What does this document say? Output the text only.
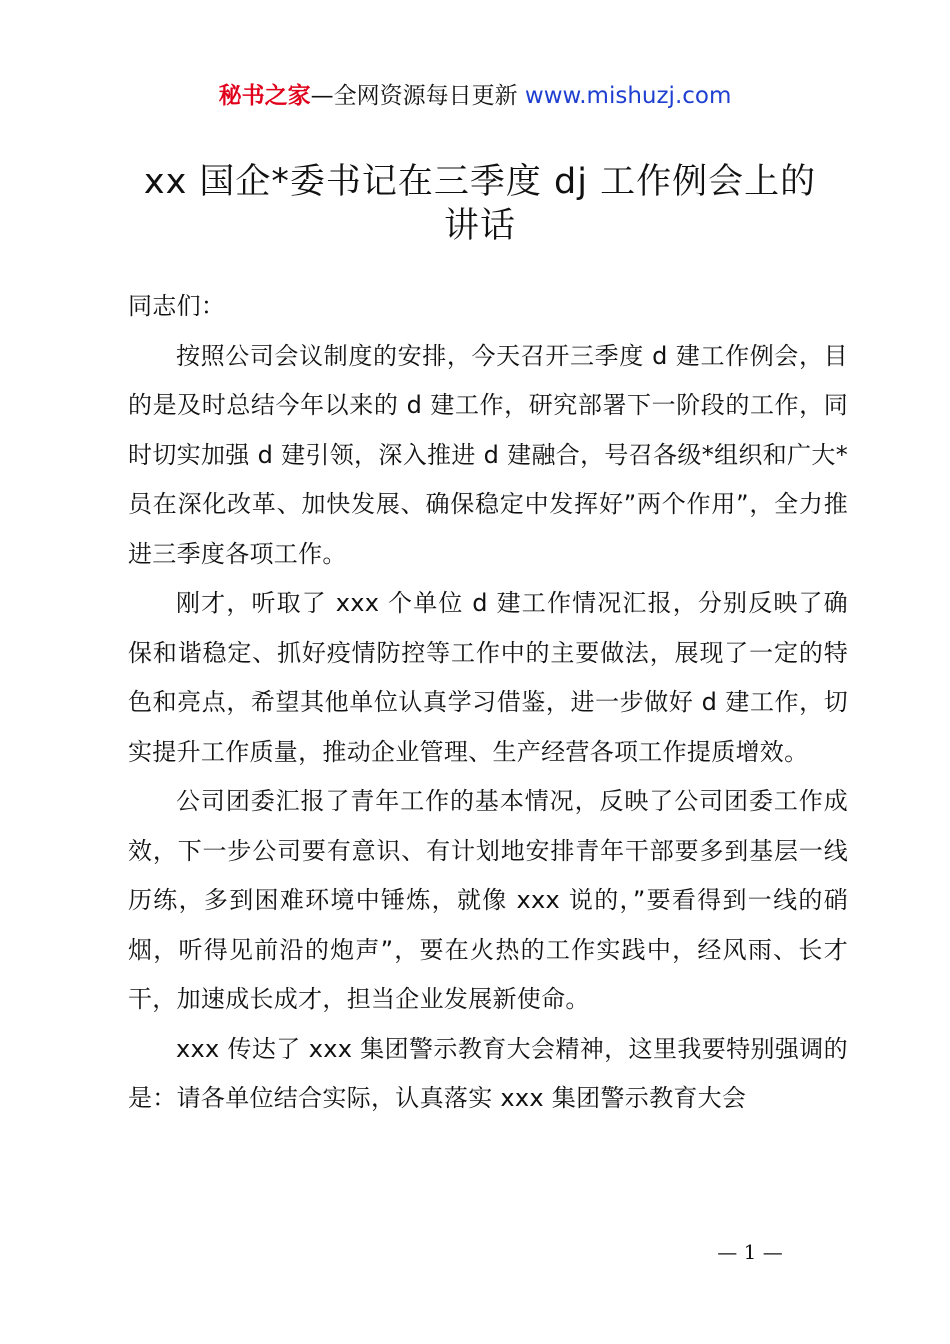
秘书之家—全网资源每日更新 www.mishuzj.com
xx 国企*委书记在三季度 dj 工作例会上的
讲话

同志们：

按照公司会议制度的安排，今天召开三季度 d 建工作例会，目的是及时总结今年以来的 d 建工作，研究部署下一阶段的工作，同时切实加强 d 建引领，深入推进 d 建融合，号召各级*组织和广大*员在深化改革、加快发展、确保稳定中发挥好”两个作用”，全力推进三季度各项工作。

刚才，听取了 xxx 个单位 d 建工作情况汇报，分别反映了确保和谐稳定、抓好疫情防控等工作中的主要做法，展现了一定的特色和亮点，希望其他单位认真学习借鉴，进一步做好 d 建工作，切实提升工作质量，推动企业管理、生产经营各项工作提质增效。

公司团委汇报了青年工作的基本情况，反映了公司团委工作成效，下一步公司要有意识、有计划地安排青年干部要多到基层一线历练，多到困难环境中锤炼，就像 xxx 说的，”要看得到一线的硝烟，听得见前沿的炮声”，要在火热的工作实践中，经风雨、长才干，加速成长成才，担当企业发展新使命。

xxx 传达了 xxx 集团警示教育大会精神，这里我要特别强调的是：请各单位结合实际，认真落实 xxx 集团警示教育大会

— 1 —
